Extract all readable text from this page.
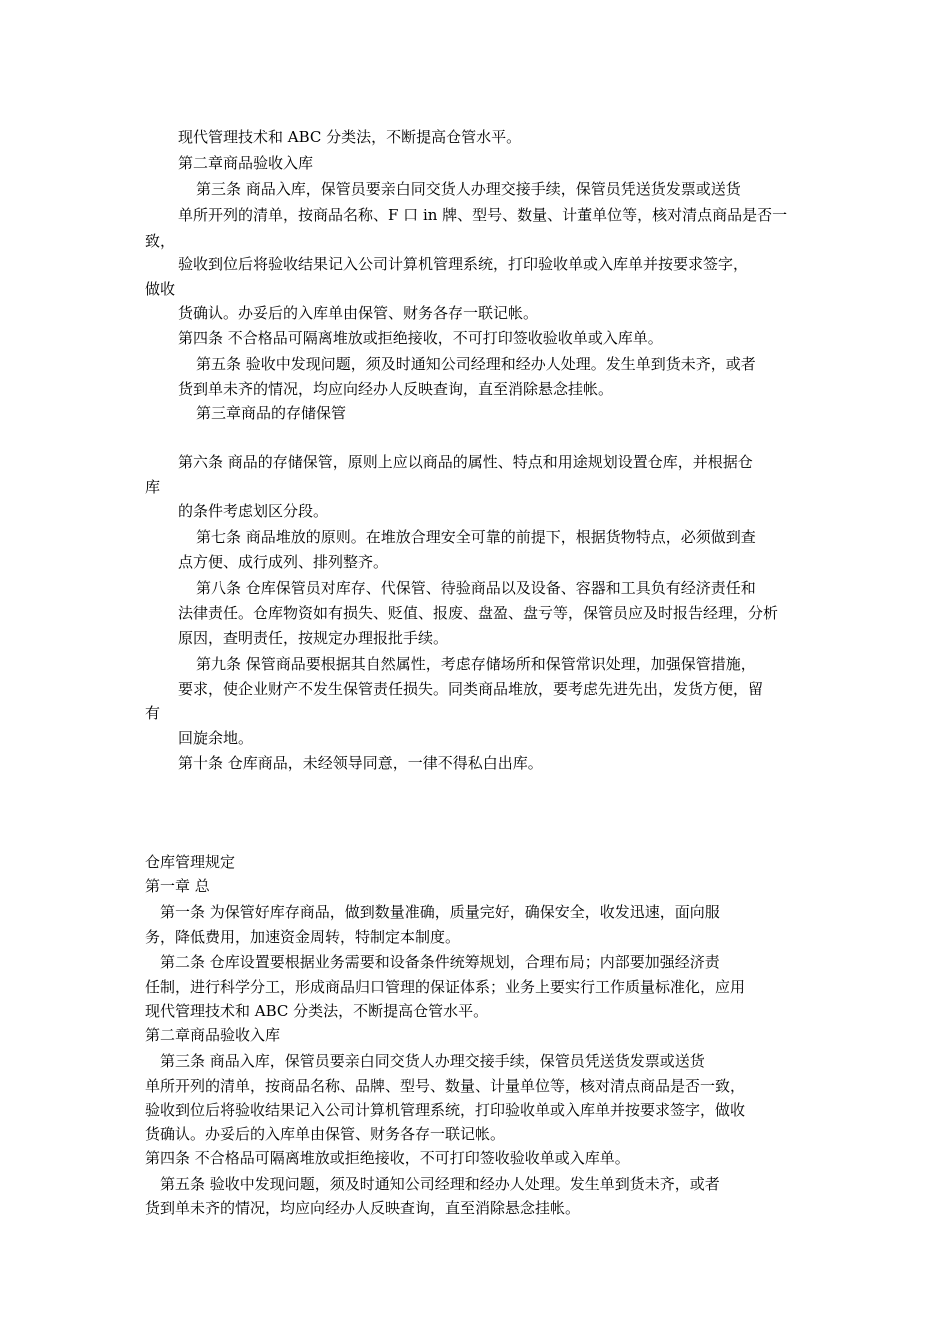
现代管理技术和 ABC 分类法，不断提高仓管水平。
第二章商品验收入库
第三条 商品入库，保管员要亲白同交货人办理交接手续，保管员凭送货发票或送货
单所开列的清单，按商品名称、F 口 in 牌、型号、数量、计董单位等，核对清点商品是否一
致，
验收到位后将验收结果记入公司计算机管理系统，打印验收单或入库单并按要求签字，
做收
货确认。办妥后的入库单由保管、财务各存一联记帐。
第四条 不合格品可隔离堆放或拒绝接收，不可打印签收验收单或入库单。
第五条 验收中发现问题，须及时通知公司经理和经办人处理。发生单到货未齐，或者
货到单未齐的情况，均应向经办人反映查询，直至消除悬念挂帐。
第三章商品的存储保管
第六条 商品的存储保管，原则上应以商品的属性、特点和用途规划设置仓库，并根据仓
库
的条件考虑划区分段。
第七条 商品堆放的原则。在堆放合理安全可靠的前提下，根据货物特点，必须做到查
点方便、成行成列、排列整齐。
第八条 仓库保管员对库存、代保管、待验商品以及设备、容器和工具负有经济责任和
法律责任。仓库物资如有损失、贬值、报废、盘盈、盘亏等，保管员应及时报告经理，分析
原因，查明责任，按规定办理报批手续。
第九条 保管商品要根据其自然属性，考虑存储场所和保管常识处理，加强保管措施，
要求，使企业财产不发生保管责任损失。同类商品堆放，要考虑先进先出，发货方便，留
有
回旋余地。
第十条 仓库商品，未经领导同意，一律不得私白出库。
仓库管理规定
第一章 总
第一条 为保管好库存商品，做到数量准确，质量完好，确保安全，收发迅速，面向服
务，降低费用，加速资金周转，特制定本制度。
第二条 仓库设置要根据业务需要和设备条件统筹规划，合理布局；内部要加强经济责
任制，进行科学分工，形成商品归口管理的保证体系；业务上要实行工作质量标准化，应用
现代管理技术和 ABC 分类法，不断提高仓管水平。
第二章商品验收入库
第三条 商品入库，保管员要亲白同交货人办理交接手续，保管员凭送货发票或送货
单所开列的清单，按商品名称、品牌、型号、数量、计量单位等，核对清点商品是否一致，
验收到位后将验收结果记入公司计算机管理系统，打印验收单或入库单并按要求签字，做收
货确认。办妥后的入库单由保管、财务各存一联记帐。
第四条 不合格品可隔离堆放或拒绝接收，不可打印签收验收单或入库单。
第五条 验收中发现问题，须及时通知公司经理和经办人处理。发生单到货未齐，或者
货到单未齐的情况，均应向经办人反映查询，直至消除悬念挂帐。
